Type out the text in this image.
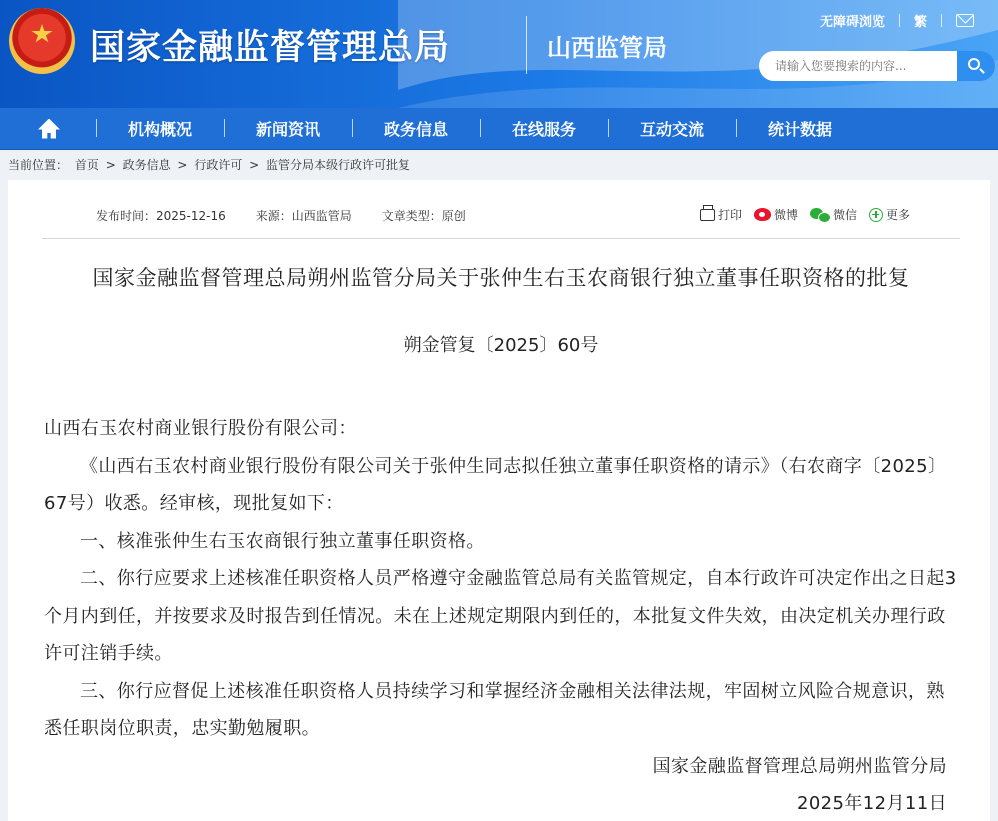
国家金融监督管理总局	山西监管局
无障碍浏览 繁
请输入您要搜索的内容...
机构概况	新闻资讯	政务信息	在线服务	互动交流	统计数据
当前位置： 首页 > 政务信息 > 行政许可 > 监管分局本级行政许可批复
发布时间：2025-12-16	来源：山西监管局	文章类型：原创	打印	微博	微信 更多
国家金融监督管理总局朔州监管分局关于张仲生右玉农商银行独立董事任职资格的批复
朔金管复〔2025〕60号

山西右玉农村商业银行股份有限公司：

《山西右玉农村商业银行股份有限公司关于张仲生同志拟任独立董事任职资格的请示》（右农商字〔2025〕67号）收悉。经审核，现批复如下：

一、核准张仲生右玉农商银行独立董事任职资格。

二、你行应要求上述核准任职资格人员严格遵守金融监管总局有关监管规定，自本行政许可决定作出之日起3个月内到任，并按要求及时报告到任情况。未在上述规定期限内到任的，本批复文件失效，由决定机关办理行政许可注销手续。

三、你行应督促上述核准任职资格人员持续学习和掌握经济金融相关法律法规，牢固树立风险合规意识，熟悉任职岗位职责，忠实勤勉履职。

国家金融监督管理总局朔州监管分局

2025年12月11日
